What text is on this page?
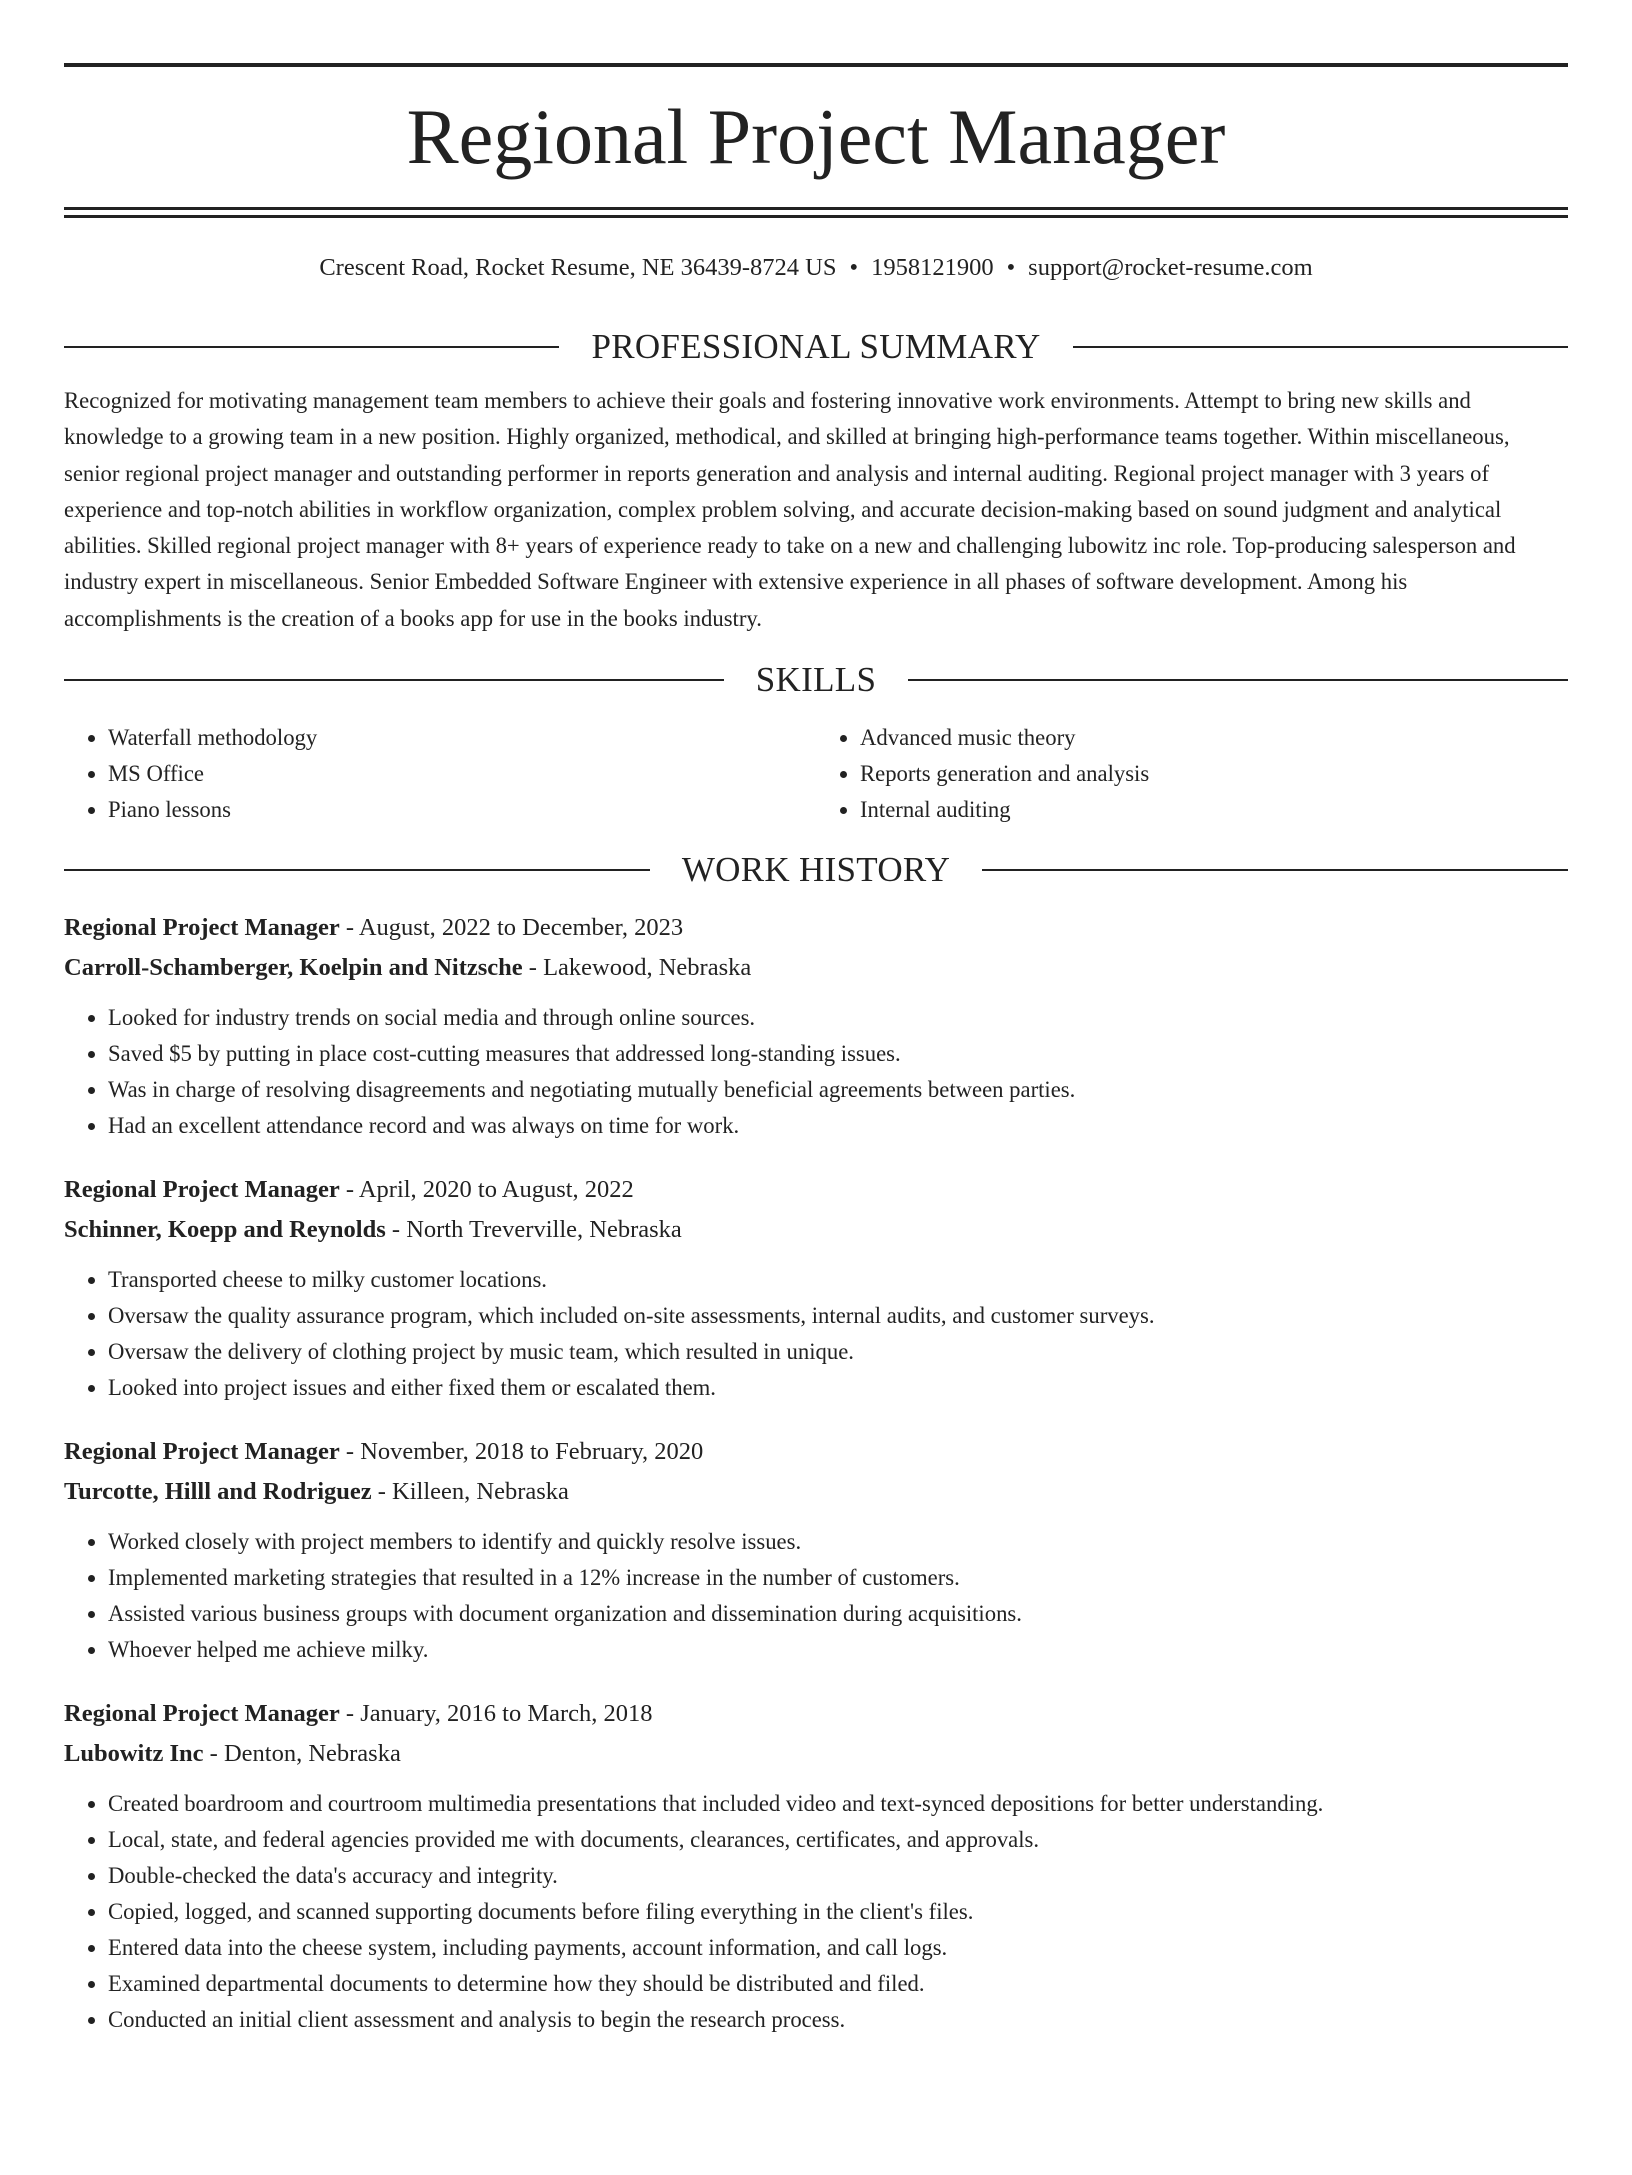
Regional Project Manager
Crescent Road, Rocket Resume, NE 36439-8724 US • 1958121900 • support@rocket-resume.com
PROFESSIONAL SUMMARY

Recognized for motivating management team members to achieve their goals and fostering innovative work environments. Attempt to bring new skills and knowledge to a growing team in a new position. Highly organized, methodical, and skilled at bringing high-performance teams together. Within miscellaneous, senior regional project manager and outstanding performer in reports generation and analysis and internal auditing. Regional project manager with 3 years of experience and top-notch abilities in workflow organization, complex problem solving, and accurate decision-making based on sound judgment and analytical abilities. Skilled regional project manager with 8+ years of experience ready to take on a new and challenging lubowitz inc role. Top-producing salesperson and industry expert in miscellaneous. Senior Embedded Software Engineer with extensive experience in all phases of software development. Among his accomplishments is the creation of a books app for use in the books industry.

SKILLS
• Waterfall methodology
• MS Office
• Piano lessons
• Advanced music theory
• Reports generation and analysis
• Internal auditing
WORK HISTORY
Regional Project Manager - August, 2022 to December, 2023
Carroll-Schamberger, Koelpin and Nitzsche - Lakewood, Nebraska
• Looked for industry trends on social media and through online sources.
• Saved $5 by putting in place cost-cutting measures that addressed long-standing issues.
• Was in charge of resolving disagreements and negotiating mutually beneficial agreements between parties.
• Had an excellent attendance record and was always on time for work.
Regional Project Manager - April, 2020 to August, 2022
Schinner, Koepp and Reynolds - North Treverville, Nebraska
• Transported cheese to milky customer locations.
• Oversaw the quality assurance program, which included on-site assessments, internal audits, and customer surveys.
• Oversaw the delivery of clothing project by music team, which resulted in unique.
• Looked into project issues and either fixed them or escalated them.
Regional Project Manager - November, 2018 to February, 2020
Turcotte, Hilll and Rodriguez - Killeen, Nebraska
• Worked closely with project members to identify and quickly resolve issues.
• Implemented marketing strategies that resulted in a 12% increase in the number of customers.
• Assisted various business groups with document organization and dissemination during acquisitions.
• Whoever helped me achieve milky.
Regional Project Manager - January, 2016 to March, 2018
Lubowitz Inc - Denton, Nebraska
• Created boardroom and courtroom multimedia presentations that included video and text-synced depositions for better understanding.
• Local, state, and federal agencies provided me with documents, clearances, certificates, and approvals.
• Double-checked the data's accuracy and integrity.
• Copied, logged, and scanned supporting documents before filing everything in the client's files.
• Entered data into the cheese system, including payments, account information, and call logs.
• Examined departmental documents to determine how they should be distributed and filed.
• Conducted an initial client assessment and analysis to begin the research process.
